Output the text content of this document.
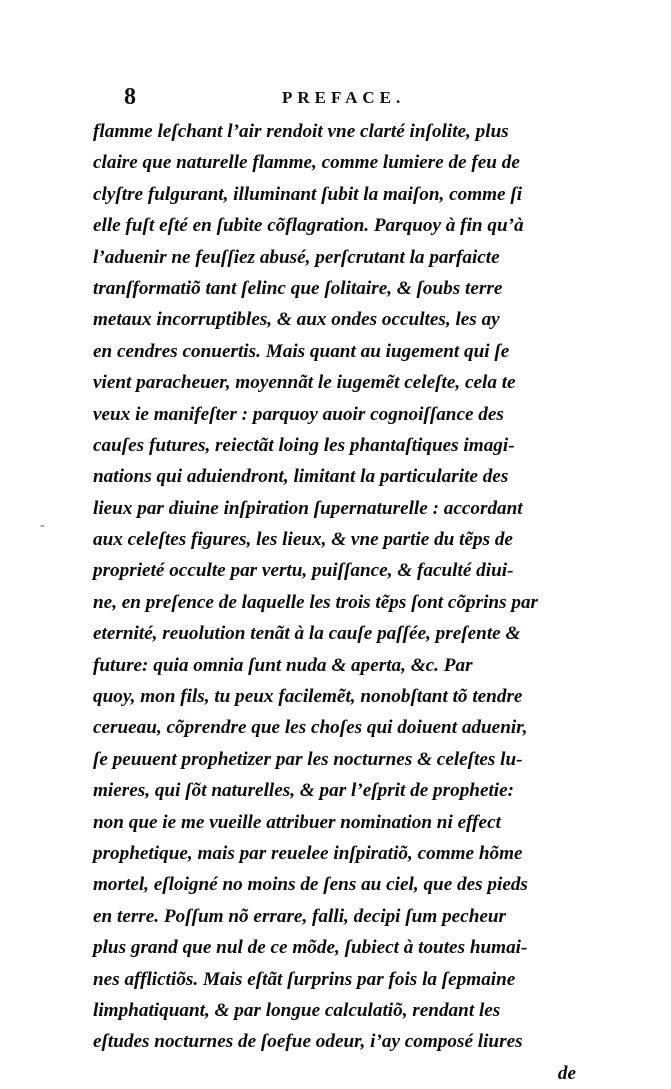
8	PREFACE.
-
flamme leſchant l’air rendoit vne clarté inſolite, plus
claire que naturelle flamme, comme lumiere de feu de
clyſtre fulgurant, illuminant ſubit la maiſon, comme ſi
elle fuſt eſté en ſubite cõflagration. Parquoy à fin qu’à
l’aduenir ne feuſſiez abusé, perſcrutant la parfaicte
tranſformatiõ tant ſelinc que ſolitaire, & ſoubs terre
metaux incorruptibles, & aux ondes occultes, les ay
en cendres conuertis. Mais quant au iugement qui ſe
vient paracheuer, moyennãt le iugemẽt celeſte, cela te
veux ie manifeſter : parquoy auoir cognoiſſance des
cauſes futures, reiectãt loing les phantaſtiques imagi-
nations qui aduiendront, limitant la particularite des
lieux par diuine inſpiration ſupernaturelle : accordant
aux celeſtes figures, les lieux, & vne partie du tẽps de
proprieté occulte par vertu, puiſſance, & faculté diui-
ne, en preſence de laquelle les trois tẽps ſont cõprins par
eternité, reuolution tenãt à la cauſe paſſée, preſente &
future: quia omnia ſunt nuda & aperta, &c. Par
quoy, mon fils, tu peux facilemẽt, nonobſtant tõ tendre
cerueau, cõprendre que les choſes qui doiuent aduenir,
ſe peuuent prophetizer par les nocturnes & celeſtes lu-
mieres, qui ſõt naturelles, & par l’eſprit de prophetie:
non que ie me vueille attribuer nomination ni effect
prophetique, mais par reuelee inſpiratiõ, comme hõme
mortel, eſloigné no moins de ſens au ciel, que des pieds
en terre. Poſſum nõ errare, falli, decipi ſum pecheur
plus grand que nul de ce mõde, ſubiect à toutes humai-
nes afflictiõs. Mais eſtãt ſurprins par fois la ſepmaine
limphatiquant, & par longue calculatiõ, rendant les
eſtudes nocturnes de ſoefue odeur, i’ay composé liures
de
